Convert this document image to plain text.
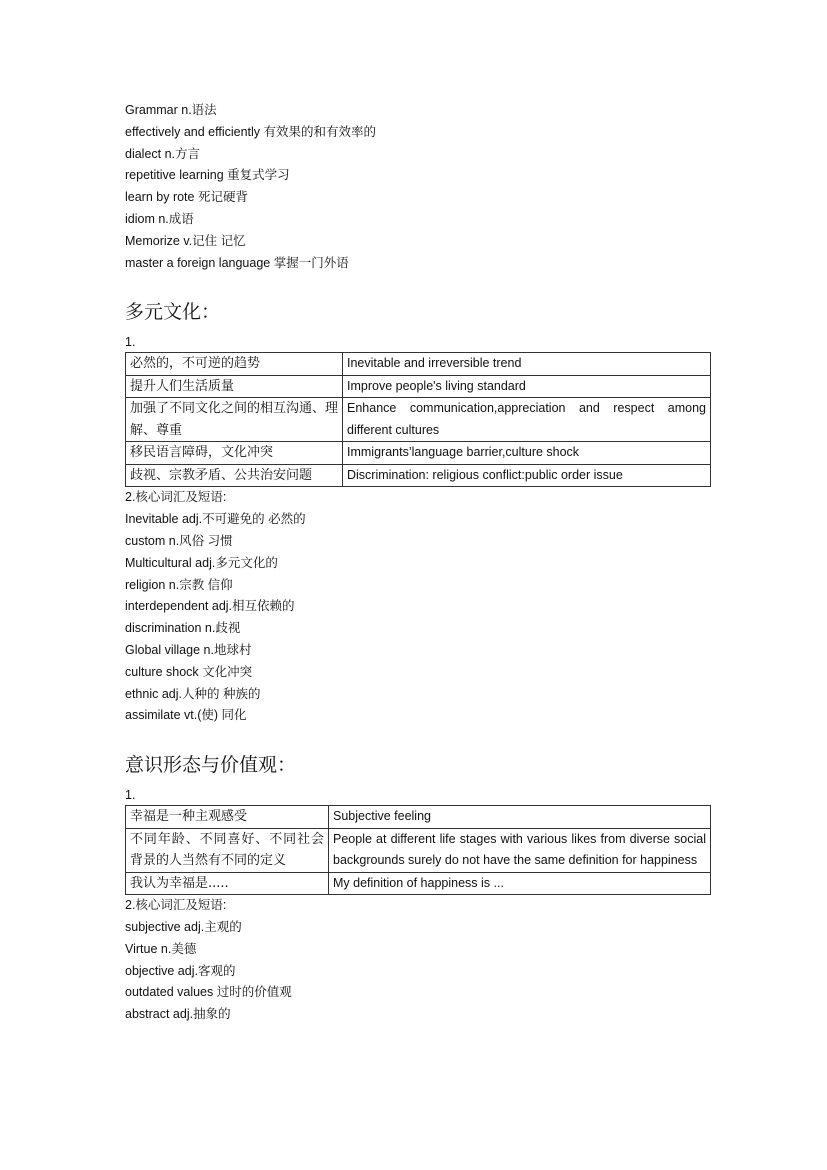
Grammar n.语法
effectively and efficiently 有效果的和有效率的
dialect n.方言
repetitive learning 重复式学习
learn by rote 死记硬背
idiom n.成语
Memorize v.记住 记忆
master a foreign language 掌握一门外语
多元文化：
1.
必然的，不可逆的趋势	Inevitable and irreversible trend
提升人们生活质量	Improve people's living standard
加强了不同文化之间的相互沟通、理解、尊重	Enhance communication,appreciation and respect among different cultures
移民语言障碍，文化冲突	Immigrants’language barrier,culture shock
歧视、宗教矛盾、公共治安问题	Discrimination: religious conflict:public order issue
2.核心词汇及短语:
Inevitable adj.不可避免的 必然的
custom n.风俗 习惯
Multicultural adj.多元文化的
religion n.宗教 信仰
interdependent adj.相互依赖的
discrimination n.歧视
Global village n.地球村
culture shock 文化冲突
ethnic adj.人种的 种族的
assimilate vt.(使) 同化
意识形态与价值观：
1.
幸福是一种主观感受	Subjective feeling
不同年龄、不同喜好、不同社会背景的人当然有不同的定义	People at different life stages with various likes from diverse social backgrounds surely do not have the same definition for happiness
我认为幸福是.....	My definition of happiness is ...
2.核心词汇及短语:
subjective adj.主观的
Virtue n.美德
objective adj.客观的
outdated values 过时的价值观
abstract adj.抽象的
